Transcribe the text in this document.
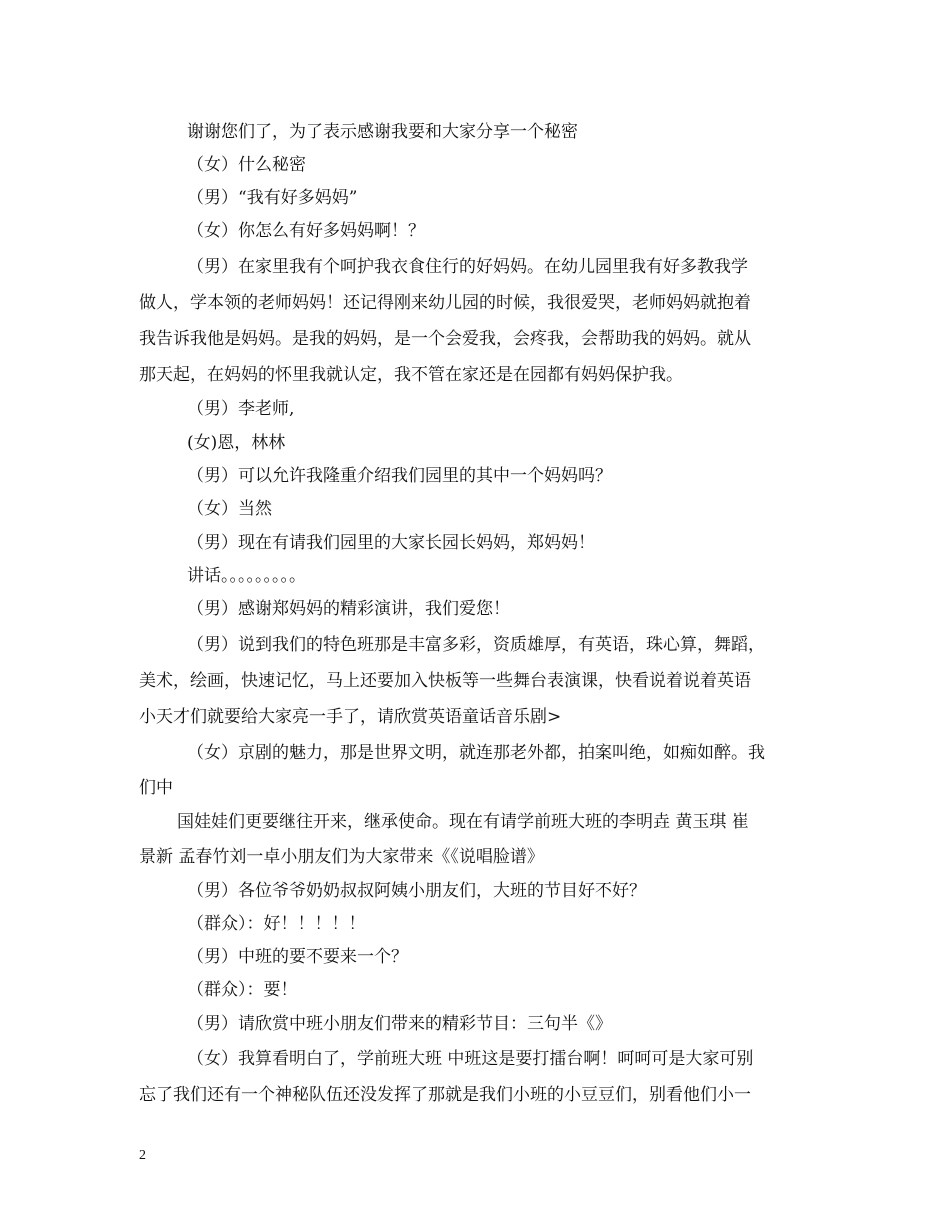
谢谢您们了，为了表示感谢我要和大家分享一个秘密
（女）什么秘密
（男）“我有好多妈妈”
（女）你怎么有好多妈妈啊！？
（男）在家里我有个呵护我衣食住行的好妈妈。在幼儿园里我有好多教我学
做人，学本领的老师妈妈！还记得刚来幼儿园的时候，我很爱哭，老师妈妈就抱着
我告诉我他是妈妈。是我的妈妈，是一个会爱我，会疼我，会帮助我的妈妈。就从
那天起，在妈妈的怀里我就认定，我不管在家还是在园都有妈妈保护我。
（男）李老师,
(女)恩，林林
（男）可以允许我隆重介绍我们园里的其中一个妈妈吗？
（女）当然
（男）现在有请我们园里的大家长园长妈妈，郑妈妈！
讲话。。。。。。。。。
（男）感谢郑妈妈的精彩演讲，我们爱您！
（男）说到我们的特色班那是丰富多彩，资质雄厚，有英语，珠心算，舞蹈，
美术，绘画，快速记忆，马上还要加入快板等一些舞台表演课，快看说着说着英语
小天才们就要给大家亮一手了，请欣赏英语童话音乐剧>
（女）京剧的魅力，那是世界文明，就连那老外都，拍案叫绝，如痴如醉。我
们中
国娃娃们更要继往开来，继承使命。现在有请学前班大班的李明垚 黄玉琪 崔
景新 孟春竹刘一卓小朋友们为大家带来《《说唱脸谱》
（男）各位爷爷奶奶叔叔阿姨小朋友们，大班的节目好不好？
（群众）：好！！！！！
（男）中班的要不要来一个？
（群众）：要！
（男）请欣赏中班小朋友们带来的精彩节目：三句半《》
（女）我算看明白了，学前班大班 中班这是要打擂台啊！呵呵可是大家可别
忘了我们还有一个神秘队伍还没发挥了那就是我们小班的小豆豆们，别看他们小一
2
